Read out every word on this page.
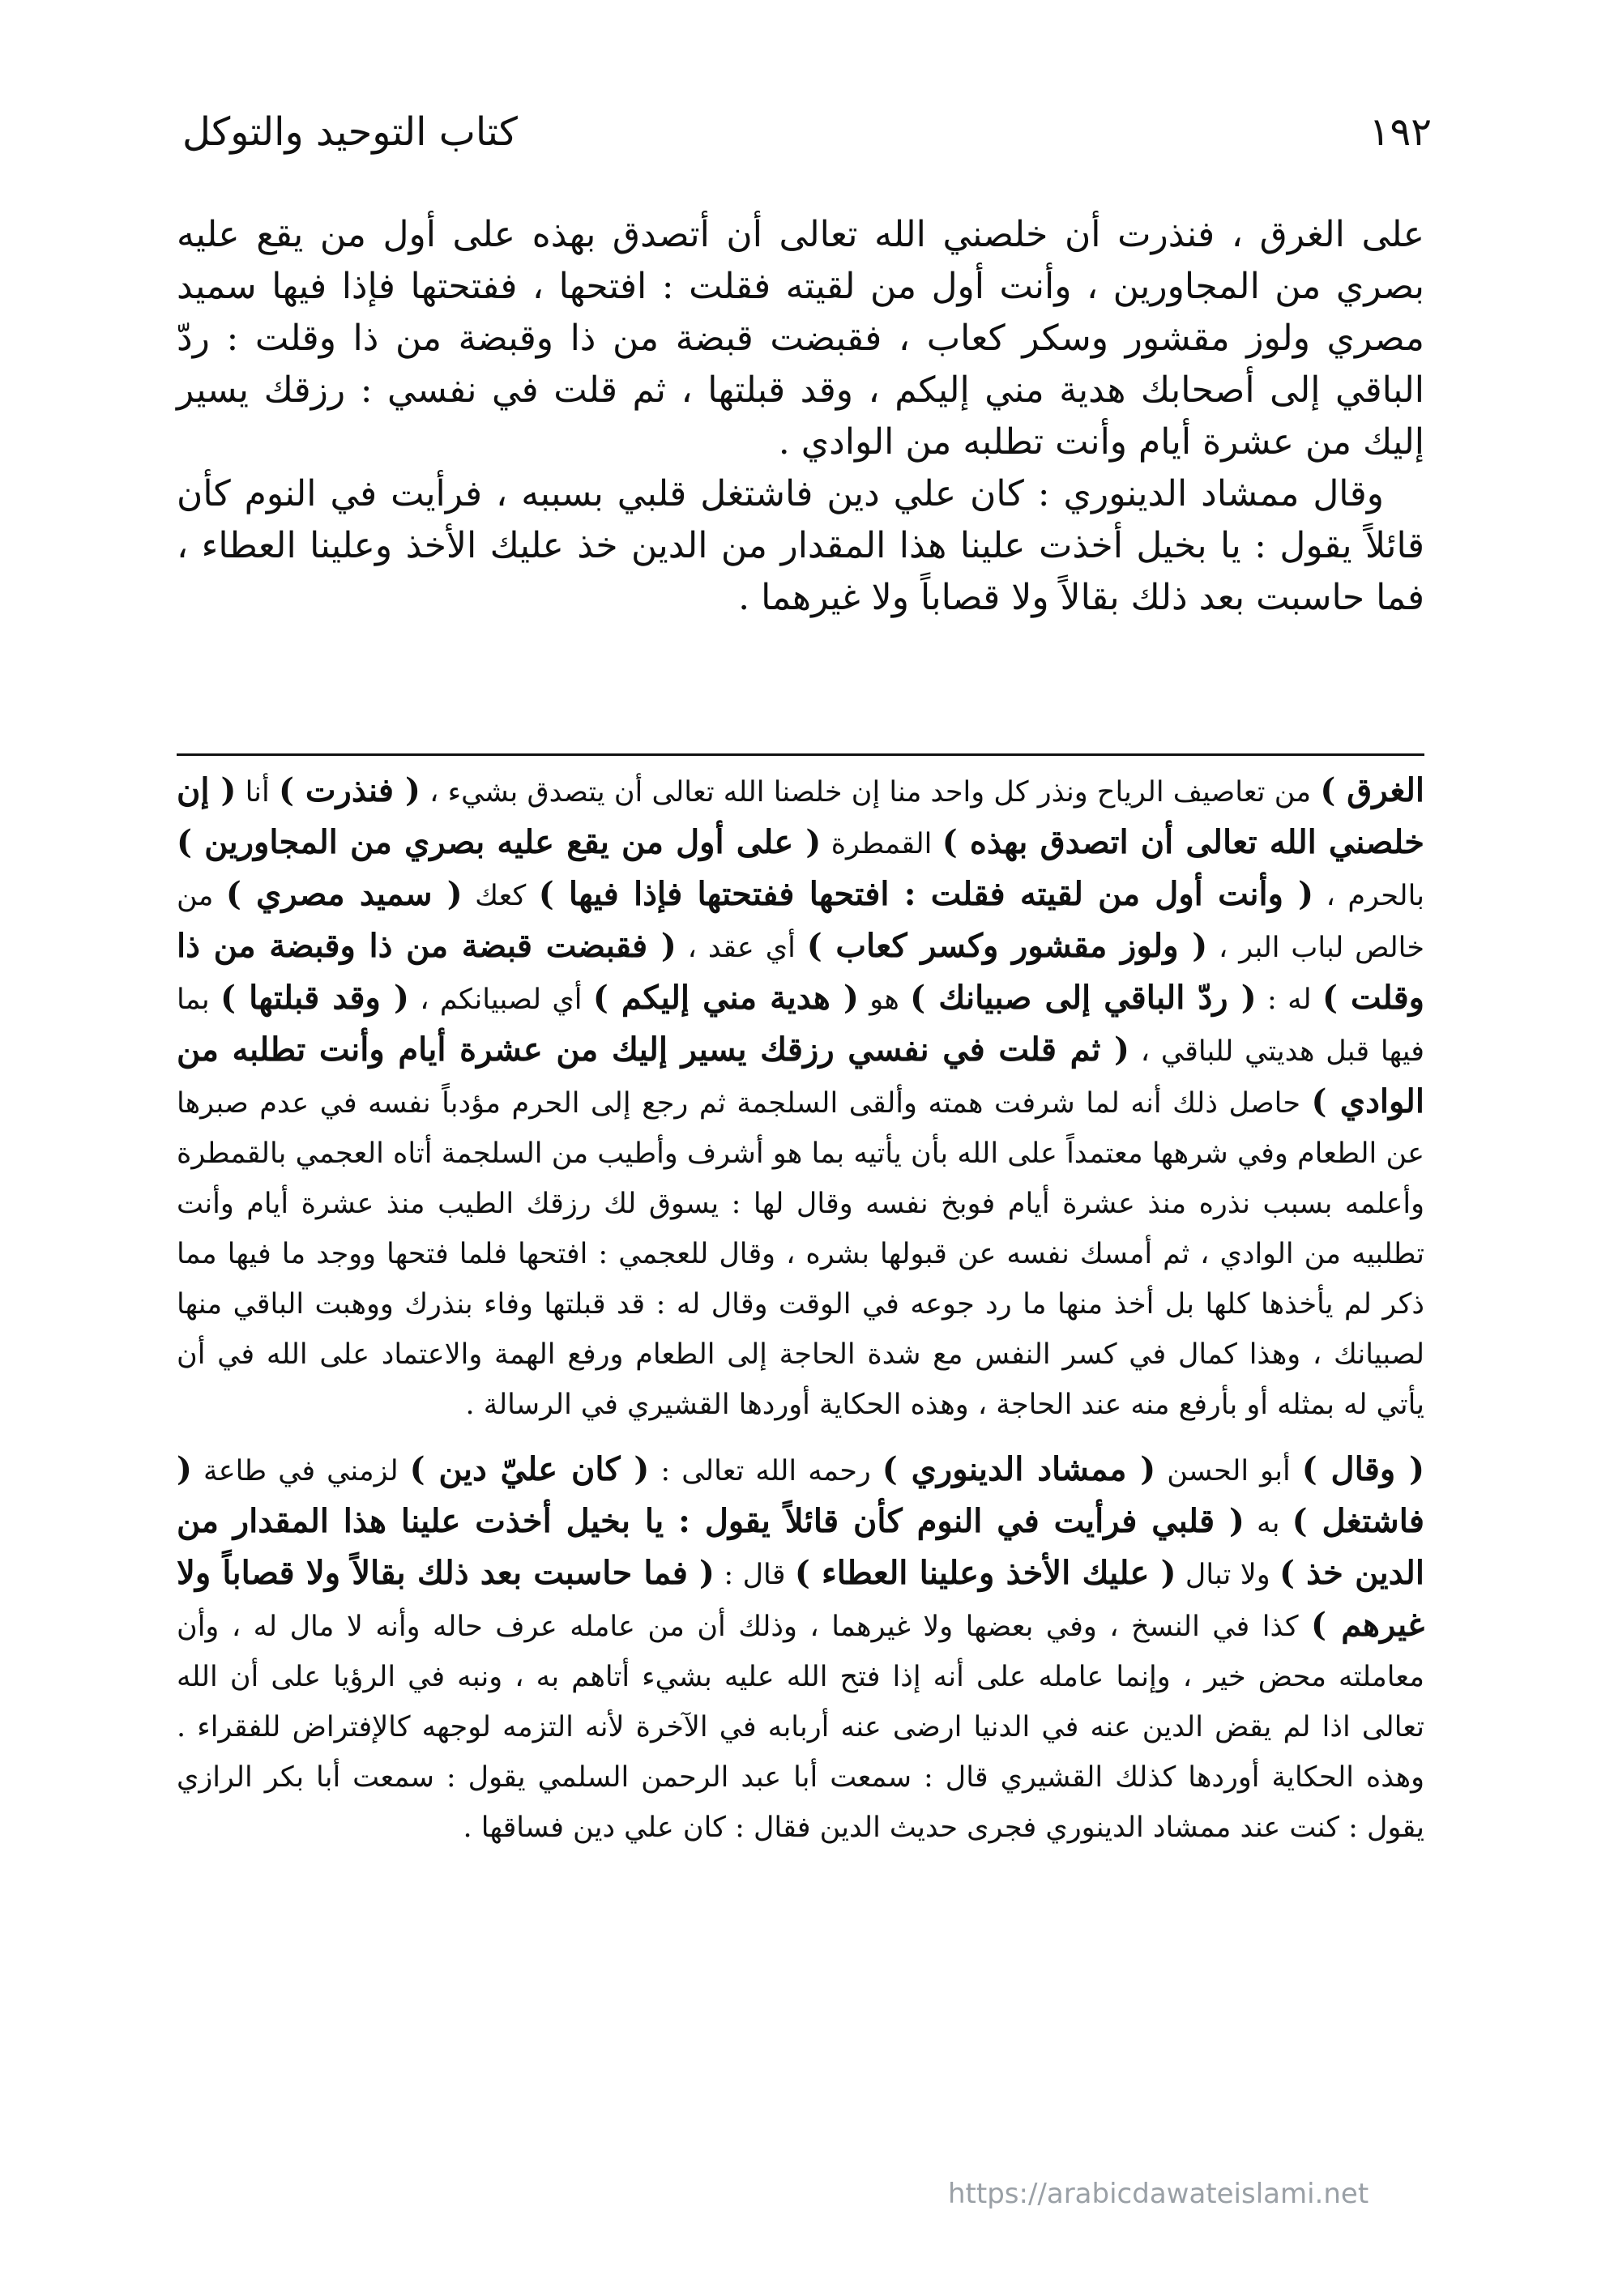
كتاب التوحيد والتوكل	١٩٢

على الغرق ، فنذرت أن خلصني الله تعالى أن أتصدق بهذه على أول من يقع عليه بصري من المجاورين ، وأنت أول من لقيته فقلت : افتحها ، ففتحتها فإذا فيها سميد مصري ولوز مقشور وسكر كعاب ، فقبضت قبضة من ذا وقبضة من ذا وقلت : ردّ الباقي إلى أصحابك هدية مني إليكم ، وقد قبلتها ، ثم قلت في نفسي : رزقك يسير إليك من عشرة أيام وأنت تطلبه من الوادي .

وقال ممشاد الدينوري : كان علي دين فاشتغل قلبي بسببه ، فرأيت في النوم كأن قائلاً يقول : يا بخيل أخذت علينا هذا المقدار من الدين خذ عليك الأخذ وعلينا العطاء ، فما حاسبت بعد ذلك بقالاً ولا قصاباً ولا غيرهما .

الغرق ) من تعاصيف الرياح ونذر كل واحد منا إن خلصنا الله تعالى أن يتصدق بشيء ، ( فنذرت ) أنا ( إن خلصني الله تعالى أن اتصدق بهذه ) القمطرة ( على أول من يقع عليه بصري من المجاورين ) بالحرم ، ( وأنت أول من لقيته فقلت : افتحها ففتحتها فإذا فيها ) كعك ( سميد مصري ) من خالص لباب البر ، ( ولوز مقشور وكسر كعاب ) أي عقد ، ( فقبضت قبضة من ذا وقبضة من ذا وقلت ) له : ( ردّ الباقي إلى صبيانك ) هو ( هدية مني إليكم ) أي لصبيانكم ، ( وقد قبلتها ) بما فيها قبل هديتي للباقي ، ( ثم قلت في نفسي رزقك يسير إليك من عشرة أيام وأنت تطلبه من الوادي ) حاصل ذلك أنه لما شرفت همته وألقى السلجمة ثم رجع إلى الحرم مؤدباً نفسه في عدم صبرها عن الطعام وفي شرهها معتمداً على الله بأن يأتيه بما هو أشرف وأطيب من السلجمة أتاه العجمي بالقمطرة وأعلمه بسبب نذره منذ عشرة أيام فوبخ نفسه وقال لها : يسوق لك رزقك الطيب منذ عشرة أيام وأنت تطلبيه من الوادي ، ثم أمسك نفسه عن قبولها بشره ، وقال للعجمي : افتحها فلما فتحها ووجد ما فيها مما ذكر لم يأخذها كلها بل أخذ منها ما رد جوعه في الوقت وقال له : قد قبلتها وفاء بنذرك ووهبت الباقي منها لصبيانك ، وهذا كمال في كسر النفس مع شدة الحاجة إلى الطعام ورفع الهمة والاعتماد على الله في أن يأتي له بمثله أو بأرفع منه عند الحاجة ، وهذه الحكاية أوردها القشيري في الرسالة .

( وقال ) أبو الحسن ( ممشاد الدينوري ) رحمه الله تعالى : ( كان عليّ دين ) لزمني في طاعة ( فاشتغل ) به ( قلبي فرأيت في النوم كأن قائلاً يقول : يا بخيل أخذت علينا هذا المقدار من الدين خذ ) ولا تبال ( عليك الأخذ وعلينا العطاء ) قال : ( فما حاسبت بعد ذلك بقالاً ولا قصاباً ولا غيرهم ) كذا في النسخ ، وفي بعضها ولا غيرهما ، وذلك أن من عامله عرف حاله وأنه لا مال له ، وأن معاملته محض خير ، وإنما عامله على أنه إذا فتح الله عليه بشيء أتاهم به ، ونبه في الرؤيا على أن الله تعالى اذا لم يقض الدين عنه في الدنيا ارضى عنه أربابه في الآخرة لأنه التزمه لوجهه كالإفتراض للفقراء . وهذه الحكاية أوردها كذلك القشيري قال : سمعت أبا عبد الرحمن السلمي يقول : سمعت أبا بكر الرازي يقول : كنت عند ممشاد الدينوري فجرى حديث الدين فقال : كان علي دين فساقها .

https://arabicdawateislami.net
